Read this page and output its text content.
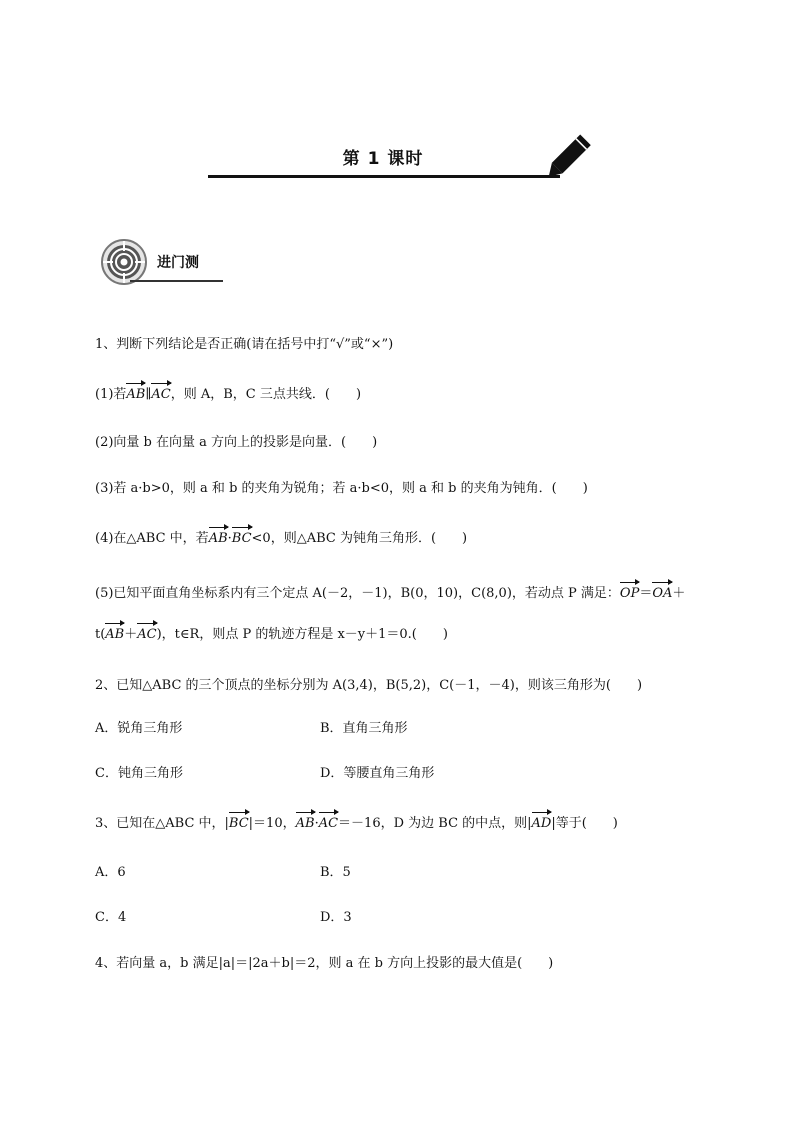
第 1 课时
进门测
1、判断下列结论是否正确(请在括号中打“√”或“×”)
(1)若AB∥AC，则 A，B，C 三点共线．(　　)
(2)向量 b 在向量 a 方向上的投影是向量．(　　)
(3)若 a·b>0，则 a 和 b 的夹角为锐角；若 a·b<0，则 a 和 b 的夹角为钝角．(　　)
(4)在△ABC 中，若AB·BC<0，则△ABC 为钝角三角形．(　　)
(5)已知平面直角坐标系内有三个定点 A(－2，－1)，B(0，10)，C(8,0)，若动点 P 满足：OP＝OA＋
t(AB＋AC)，t∈R，则点 P 的轨迹方程是 x－y＋1＝0.(　　)
2、已知△ABC 的三个顶点的坐标分别为 A(3,4)，B(5,2)，C(－1，－4)，则该三角形为(　　)
A．锐角三角形	B．直角三角形
C．钝角三角形	D．等腰直角三角形
3、已知在△ABC 中，|BC|＝10，AB·AC＝－16，D 为边 BC 的中点，则|AD|等于(　　)
A．6	B．5
C．4	D．3
4、若向量 a，b 满足|a|＝|2a＋b|＝2，则 a 在 b 方向上投影的最大值是(　　)
